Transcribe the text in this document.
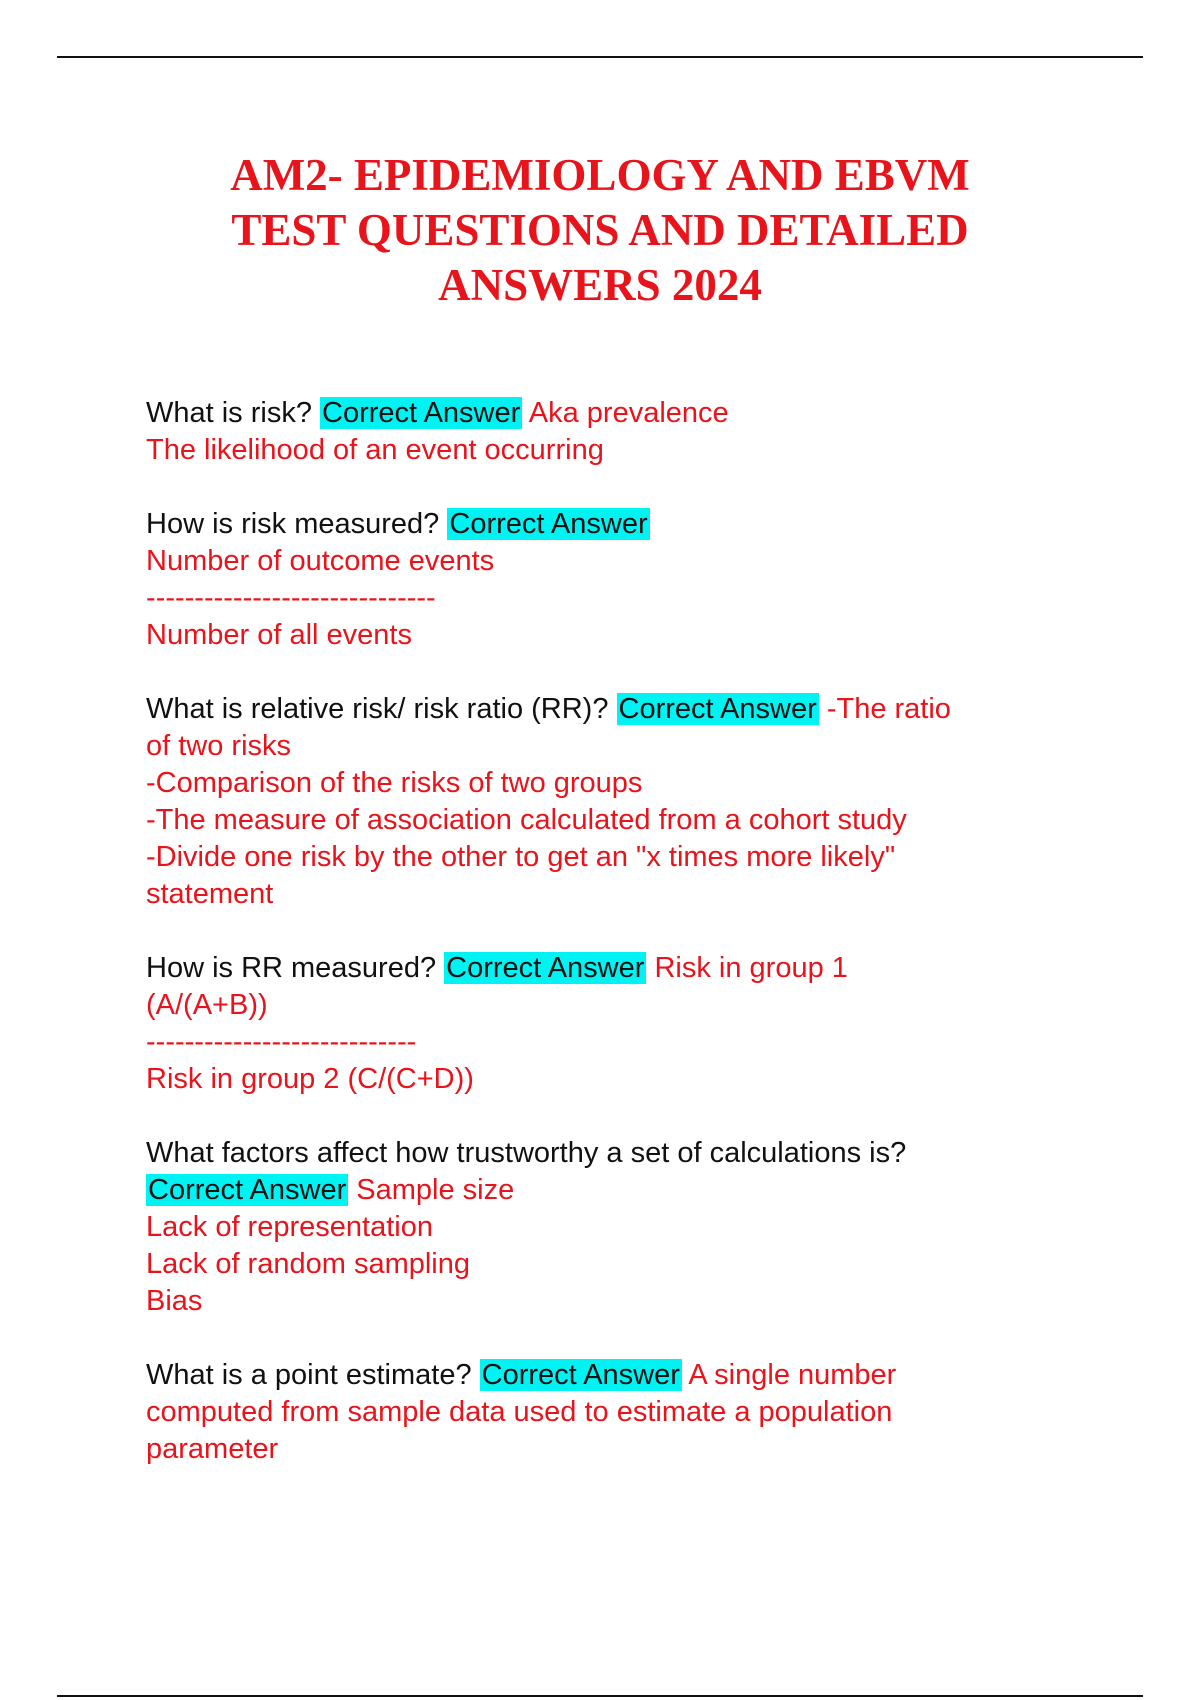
AM2- EPIDEMIOLOGY AND EBVM
TEST QUESTIONS AND DETAILED
ANSWERS 2024
What is risk? Correct Answer Aka prevalence
The likelihood of an event occurring
How is risk measured? Correct Answer
Number of outcome events
------------------------------
Number of all events
What is relative risk/ risk ratio (RR)? Correct Answer -The ratio
of two risks
-Comparison of the risks of two groups
-The measure of association calculated from a cohort study
-Divide one risk by the other to get an "x times more likely"
statement
How is RR measured? Correct Answer Risk in group 1
(A/(A+B))
----------------------------
Risk in group 2 (C/(C+D))
What factors affect how trustworthy a set of calculations is?
Correct Answer Sample size
Lack of representation
Lack of random sampling
Bias
What is a point estimate? Correct Answer A single number
computed from sample data used to estimate a population
parameter
